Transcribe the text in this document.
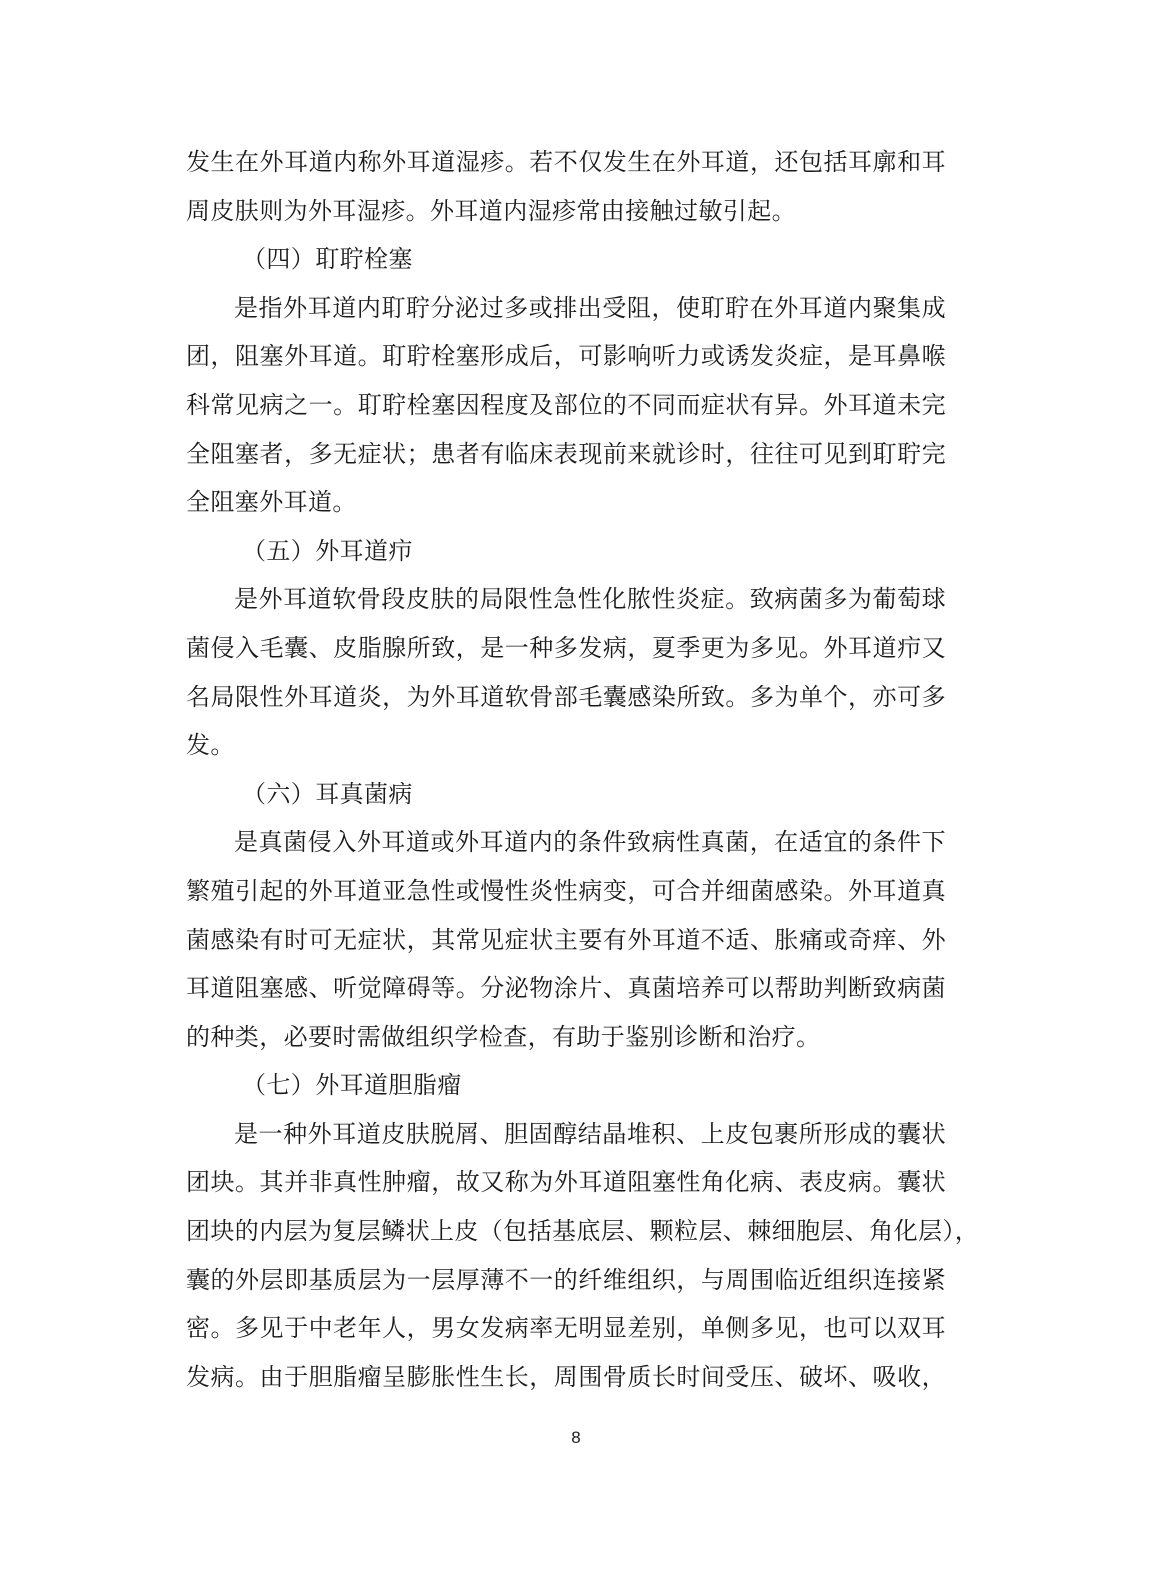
发生在外耳道内称外耳道湿疹。若不仅发生在外耳道，还包括耳廓和耳
周皮肤则为外耳湿疹。外耳道内湿疹常由接触过敏引起。
（四）耵聍栓塞
是指外耳道内耵聍分泌过多或排出受阻，使耵聍在外耳道内聚集成
团，阻塞外耳道。耵聍栓塞形成后，可影响听力或诱发炎症，是耳鼻喉
科常见病之一。耵聍栓塞因程度及部位的不同而症状有异。外耳道未完
全阻塞者，多无症状；患者有临床表现前来就诊时，往往可见到耵聍完
全阻塞外耳道。
（五）外耳道疖
是外耳道软骨段皮肤的局限性急性化脓性炎症。致病菌多为葡萄球
菌侵入毛囊、皮脂腺所致，是一种多发病，夏季更为多见。外耳道疖又
名局限性外耳道炎，为外耳道软骨部毛囊感染所致。多为单个，亦可多
发。
（六）耳真菌病
是真菌侵入外耳道或外耳道内的条件致病性真菌，在适宜的条件下
繁殖引起的外耳道亚急性或慢性炎性病变，可合并细菌感染。外耳道真
菌感染有时可无症状，其常见症状主要有外耳道不适、胀痛或奇痒、外
耳道阻塞感、听觉障碍等。分泌物涂片、真菌培养可以帮助判断致病菌
的种类，必要时需做组织学检查，有助于鉴别诊断和治疗。
（七）外耳道胆脂瘤
是一种外耳道皮肤脱屑、胆固醇结晶堆积、上皮包裹所形成的囊状
团块。其并非真性肿瘤，故又称为外耳道阻塞性角化病、表皮病。囊状
团块的内层为复层鳞状上皮（包括基底层、颗粒层、棘细胞层、角化层），
囊的外层即基质层为一层厚薄不一的纤维组织，与周围临近组织连接紧
密。多见于中老年人，男女发病率无明显差别，单侧多见，也可以双耳
发病。由于胆脂瘤呈膨胀性生长，周围骨质长时间受压、破坏、吸收，
8
